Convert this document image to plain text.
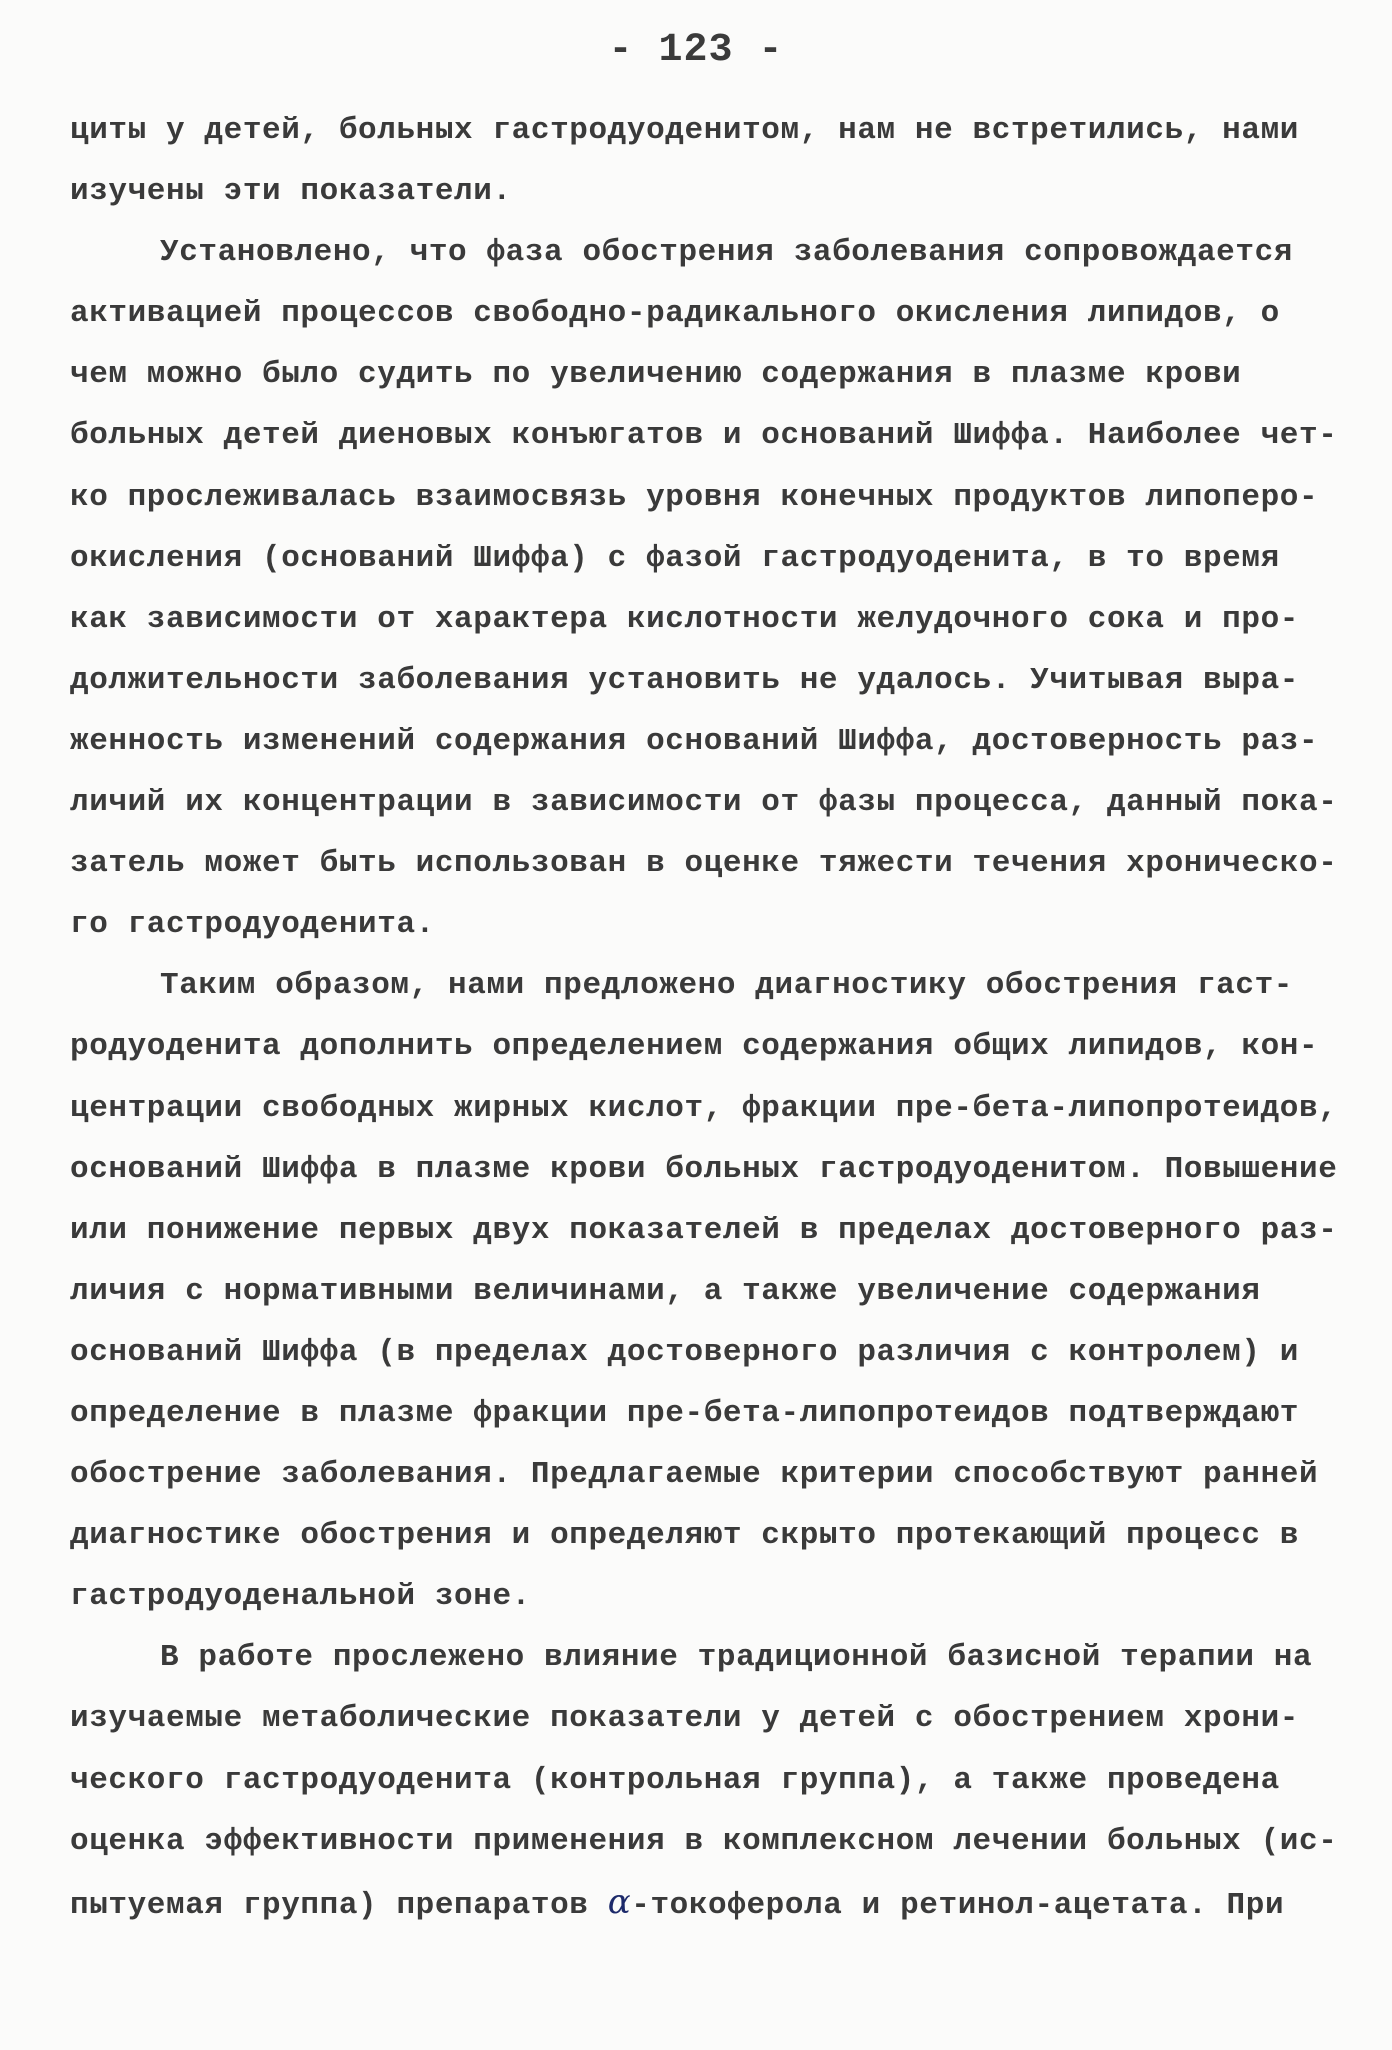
- 123 -

циты у детей, больных гастродуоденитом, нам не встретились, нами
изучены эти показатели.

Установлено, что фаза обострения заболевания сопровождается
активацией процессов свободно-радикального окисления липидов, о
чем можно было судить по увеличению содержания в плазме крови
больных детей диеновых конъюгатов и оснований Шиффа. Наиболее чет-
ко прослеживалась взаимосвязь уровня конечных продуктов липоперо-
окисления (оснований Шиффа) с фазой гастродуоденита, в то время
как зависимости от характера кислотности желудочного сока и про-
должительности заболевания установить не удалось. Учитывая выра-
женность изменений содержания оснований Шиффа, достоверность раз-
личий их концентрации в зависимости от фазы процесса, данный пока-
затель может быть использован в оценке тяжести течения хроническо-
го гастродуоденита.

Таким образом, нами предложено диагностику обострения гаст-
родуоденита дополнить определением содержания общих липидов, кон-
центрации свободных жирных кислот, фракции пре-бета-липопротеидов,
оснований Шиффа в плазме крови больных гастродуоденитом. Повышение
или понижение первых двух показателей в пределах достоверного раз-
личия с нормативными величинами, а также увеличение содержания
оснований Шиффа (в пределах достоверного различия с контролем) и
определение в плазме фракции пре-бета-липопротеидов подтверждают
обострение заболевания. Предлагаемые критерии способствуют ранней
диагностике обострения и определяют скрыто протекающий процесс в
гастродуоденальной зоне.

В работе прослежено влияние традиционной базисной терапии на
изучаемые метаболические показатели у детей с обострением хрони-
ческого гастродуоденита (контрольная группа), а также проведена
оценка эффективности применения в комплексном лечении больных (ис-
пытуемая группа) препаратов α-токоферола и ретинол-ацетата. При
